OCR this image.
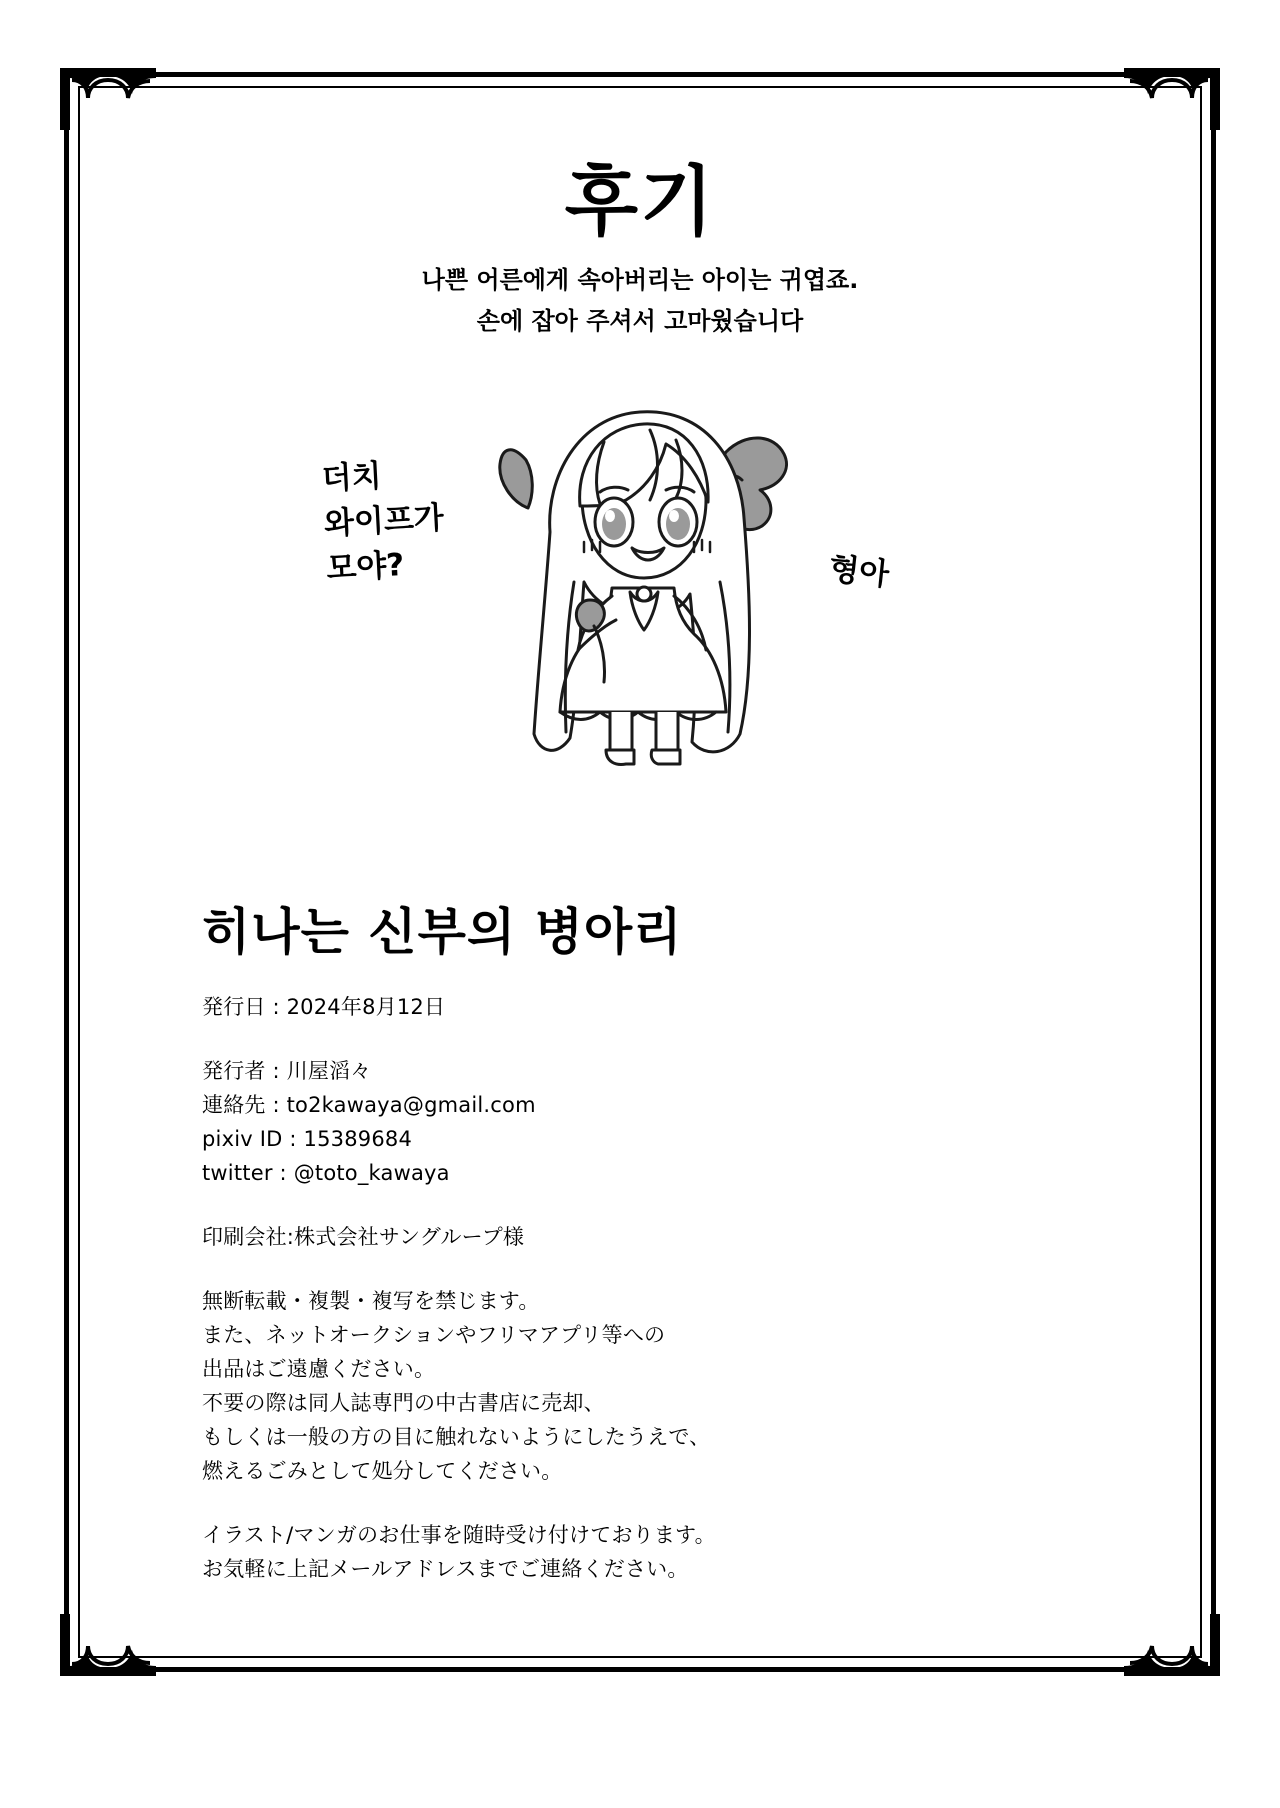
후기
나쁜 어른에게 속아버리는 아이는 귀엽죠.
손에 잡아 주셔서 고마웠습니다
더치
와이프가
모야?	형아
히나는 신부의 병아리

発行日 : 2024年8月12日

発行者 : 川屋滔々

連絡先 : to2kawaya@gmail.com

pixiv ID : 15389684

twitter : @toto_kawaya

印刷会社:株式会社サングループ様

無断転載・複製・複写を禁じます。

また、ネットオークションやフリマアプリ等への

出品はご遠慮ください。

不要の際は同人誌専門の中古書店に売却、

もしくは一般の方の目に触れないようにしたうえで、

燃えるごみとして処分してください。

イラスト/マンガのお仕事を随時受け付けております。

お気軽に上記メールアドレスまでご連絡ください。
